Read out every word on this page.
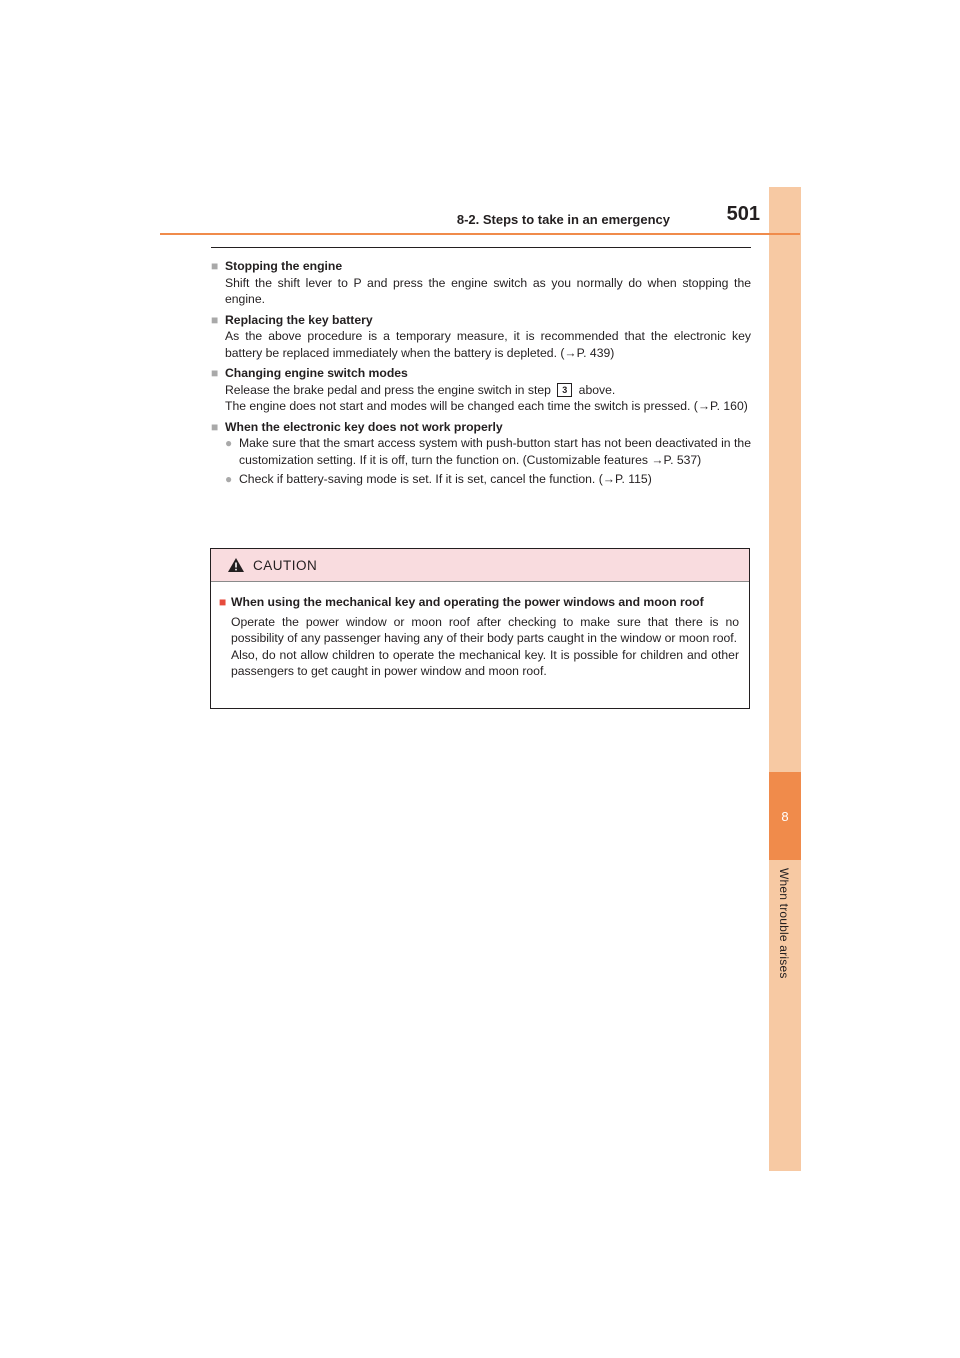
8
When trouble arises
8-2. Steps to take in an emergency	501
■ Stopping the engine
Shift the shift lever to P and press the engine switch as you normally do when stopping the engine.
■ Replacing the key battery
As the above procedure is a temporary measure, it is recommended that the electronic key battery be replaced immediately when the battery is depleted. (→P. 439)
■ Changing engine switch modes
Release the brake pedal and press the engine switch in step 3 above.
The engine does not start and modes will be changed each time the switch is pressed. (→P. 160)
■ When the electronic key does not work properly
● Make sure that the smart access system with push-button start has not been deactivated in the customization setting. If it is off, turn the function on. (Customizable features →P. 537)
● Check if battery-saving mode is set. If it is set, cancel the function. (→P. 115)
CAUTION
■ When using the mechanical key and operating the power windows and moon roof
Operate the power window or moon roof after checking to make sure that there is no possibility of any passenger having any of their body parts caught in the window or moon roof.
Also, do not allow children to operate the mechanical key. It is possible for children and other passengers to get caught in power window and moon roof.
